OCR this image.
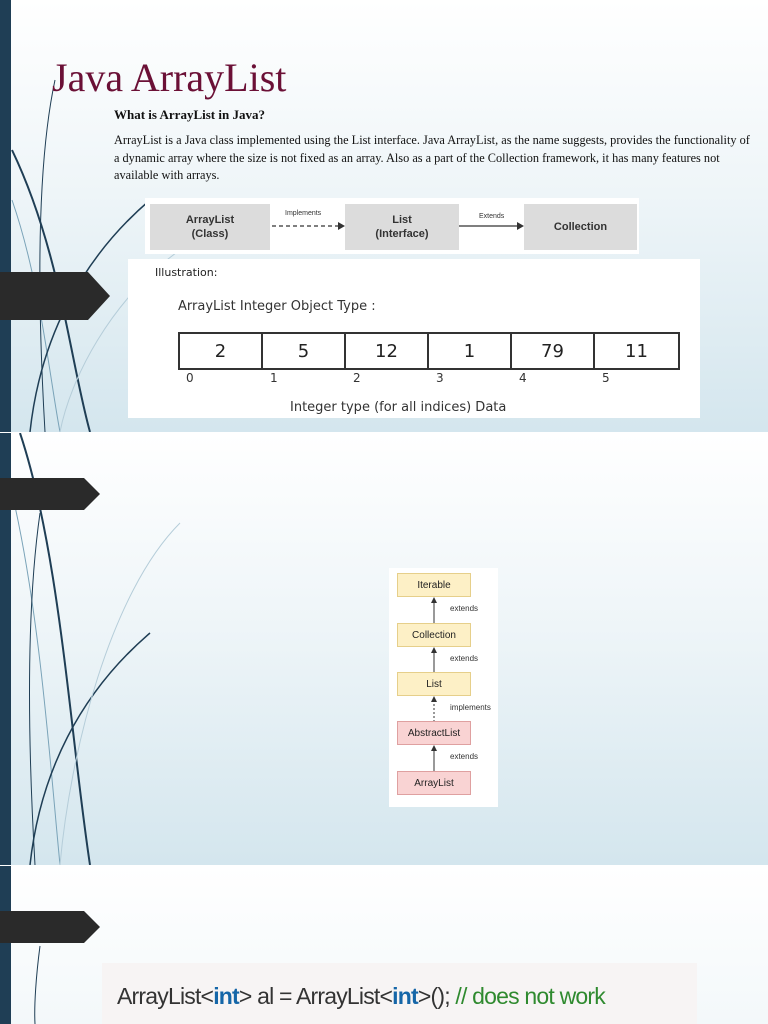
Java ArrayList
What is ArrayList in Java?

ArrayList is a Java class implemented using the List interface. Java ArrayList, as the name suggests, provides the functionality of a dynamic array where the size is not fixed as an array. Also as a part of the Collection framework, it has many features not available with arrays.

ArrayList
(Class)
Implements
List
(Interface)
Extends
Collection
Illustration:
ArrayList Integer Object Type :
2	5	12	1	79	11
0	1	2	3	4	5
Integer type (for all indices) Data
Iterable
extends
Collection
extends
List
implements
AbstractList
extends
ArrayList
ArrayList<int> al = ArrayList<int>(); // does not work
